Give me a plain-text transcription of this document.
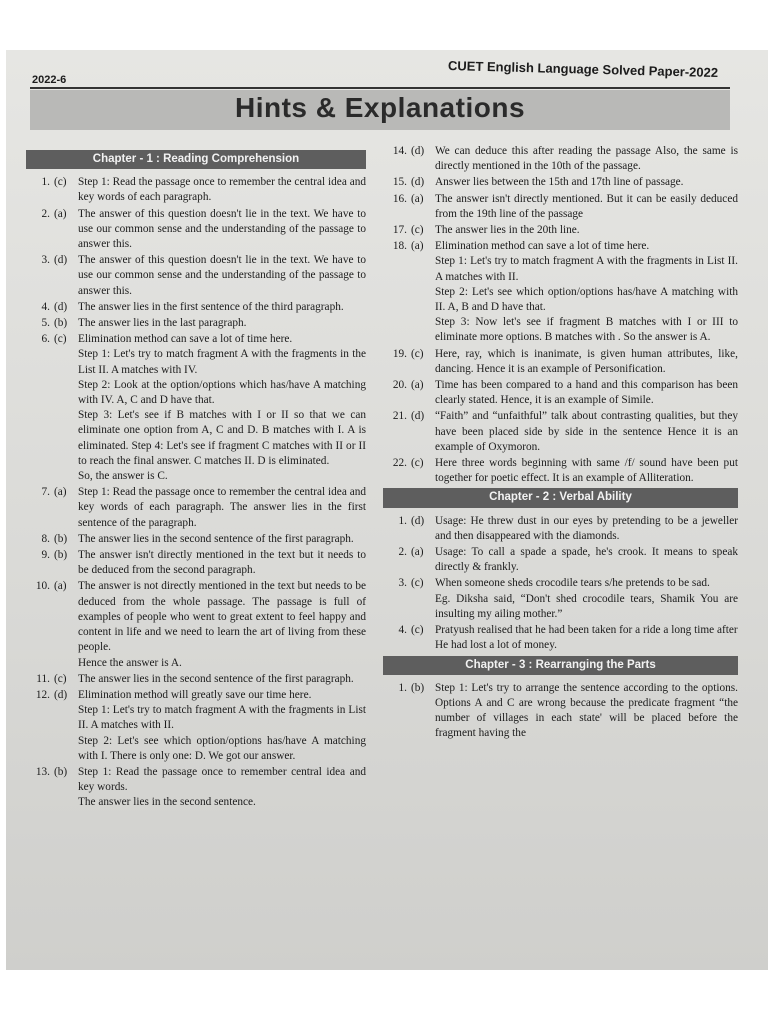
2022-6	CUET English Language Solved Paper-2022
Hints & Explanations
Chapter - 1 : Reading Comprehension
1. (c)	Step 1: Read the passage once to remember the central idea and key words of each paragraph.
2. (a)	The answer of this question doesn't lie in the text. We have to use our common sense and the understanding of the passage to answer this.
3. (d) The answer of this question doesn't lie in the text. We have to use our common sense and the understanding of the passage to answer this.
4. (d) The answer lies in the first sentence of the third paragraph.
5. (b) The answer lies in the last paragraph.
6. (c)	Elimination method can save a lot of time here.
Step 1: Let's try to match fragment A with the fragments in the List II. A matches with IV.
Step 2: Look at the option/options which has/have A matching with IV. A, C and D have that.
Step 3: Let's see if B matches with I or II so that we can eliminate one option from A, C and D. B matches with I. A is eliminated. Step 4: Let's see if fragment C matches with II or II to reach the final answer. C matches II. D is eliminated.
So, the answer is C.
7. (a)	Step 1: Read the passage once to remember the central idea and key words of each paragraph. The answer lies in the first sentence of the paragraph.
8. (b) The answer lies in the second sentence of the first paragraph.
9. (b) The answer isn't directly mentioned in the text but it needs to be deduced from the second paragraph.
10. (a)	The answer is not directly mentioned in the text but needs to be deduced from the whole passage. The passage is full of examples of people who went to great extent to feel happy and content in life and we need to learn the art of living from these people.
Hence the answer is A.
11. (c)	The answer lies in the second sentence of the first paragraph.
12. (d) Elimination method will greatly save our time here.
Step 1: Let's try to match fragment A with the fragments in List II. A matches with II.
Step 2: Let's see which option/options has/have A matching with I. There is only one: D. We got our answer.
13. (b) Step 1: Read the passage once to remember central idea and key words.
The answer lies in the second sentence.
14. (d) We can deduce this after reading the passage Also, the same is directly mentioned in the 10th of the passage.
15. (d) Answer lies between the 15th and 17th line of passage.
16. (a)	The answer isn't directly mentioned. But it can be easily deduced from the 19th line of the passage
17. (c)	The answer lies in the 20th line.
18. (a)	Elimination method can save a lot of time here.
Step 1: Let's try to match fragment A with the fragments in List II. A matches with II.
Step 2: Let's see which option/options has/have A matching with II. A, B and D have that.
Step 3: Now let's see if fragment B matches with I or III to eliminate more options. B matches with . So the answer is A.
19. (c)	Here, ray, which is inanimate, is given human attributes, like, dancing. Hence it is an example of Personification.
20. (a)	Time has been compared to a hand and this comparison has been clearly stated. Hence, it is an example of Simile.
21. (d) “Faith” and “unfaithful” talk about contrasting qualities, but they have been placed side by side in the sentence Hence it is an example of Oxymoron.
22. (c)	Here three words beginning with same /f/ sound have been put together for poetic effect. It is an example of Alliteration.
Chapter - 2 : Verbal Ability
1. (d) Usage: He threw dust in our eyes by pretending to be a jeweller and then disappeared with the diamonds.
2. (a)	Usage: To call a spade a spade, he's crook. It means to speak directly & frankly.
3. (c)	When someone sheds crocodile tears s/he pretends to be sad.
Eg. Diksha said, “Don't shed crocodile tears, Shamik You are insulting my ailing mother.”
4. (c)	Pratуush realised that he had been taken for a ride a long time after
He had lost a lot of money.
Chapter - 3 : Rearranging the Parts
1. (b) Step 1: Let's try to arrange the sentence according to the options. Options A and C are wrong because the predicate fragment “the number of villages in each state' will be placed before the fragment having the
